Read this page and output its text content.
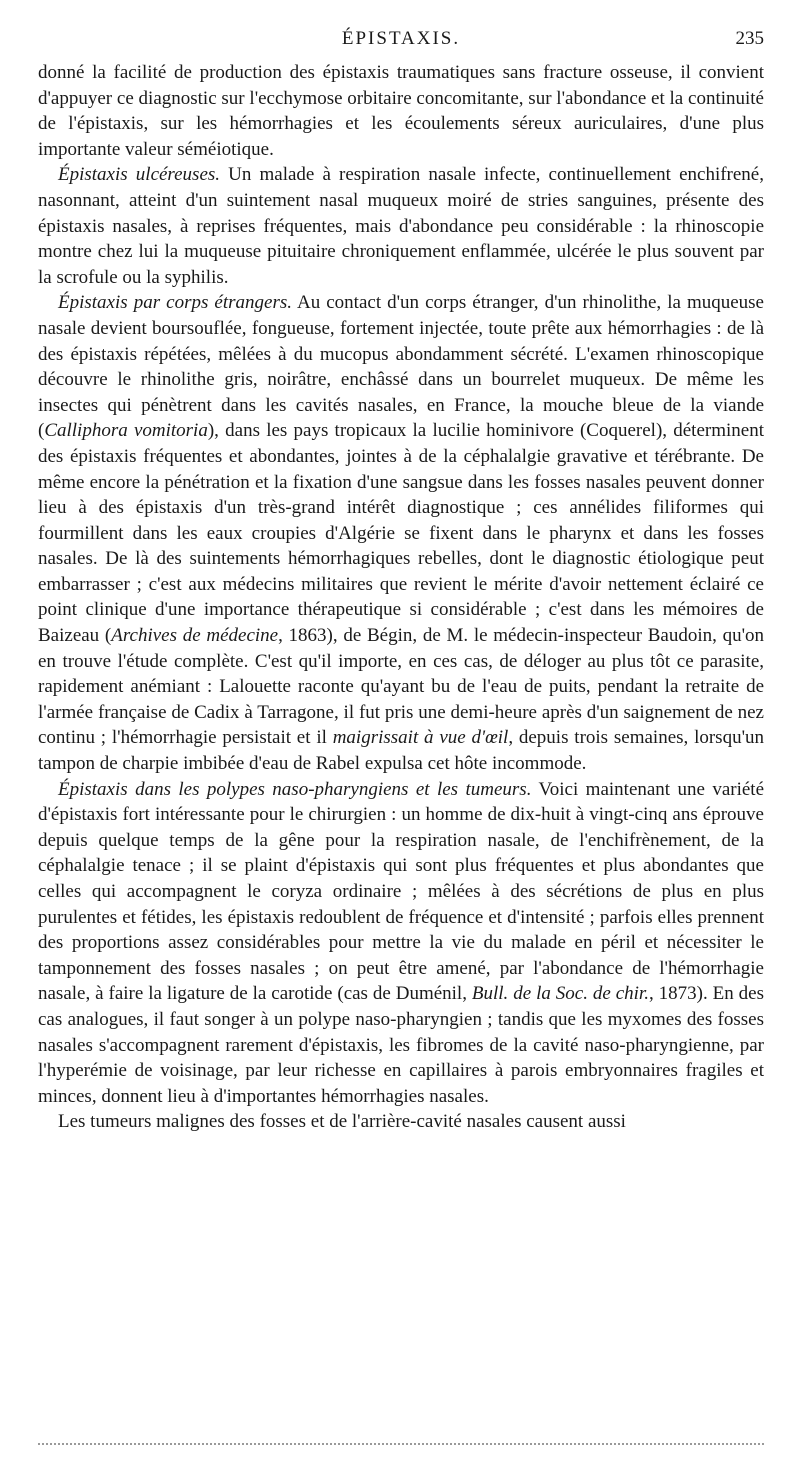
ÉPISTAXIS.	235

donné la facilité de production des épistaxis traumatiques sans fracture osseuse, il convient d'appuyer ce diagnostic sur l'ecchymose orbitaire concomitante, sur l'abondance et la continuité de l'épistaxis, sur les hémorrhagies et les écoulements séreux auriculaires, d'une plus importante valeur séméiotique.

Épistaxis ulcéreuses. Un malade à respiration nasale infecte, continuellement enchifrené, nasonnant, atteint d'un suintement nasal muqueux moiré de stries sanguines, présente des épistaxis nasales, à reprises fréquentes, mais d'abondance peu considérable : la rhinoscopie montre chez lui la muqueuse pituitaire chroniquement enflammée, ulcérée le plus souvent par la scrofule ou la syphilis.

Épistaxis par corps étrangers. Au contact d'un corps étranger, d'un rhinolithe, la muqueuse nasale devient boursouflée, fongueuse, fortement injectée, toute prête aux hémorrhagies : de là des épistaxis répétées, mêlées à du mucopus abondamment sécrété. L'examen rhinoscopique découvre le rhinolithe gris, noirâtre, enchâssé dans un bourrelet muqueux. De même les insectes qui pénètrent dans les cavités nasales, en France, la mouche bleue de la viande (Calliphora vomitoria), dans les pays tropicaux la lucilie hominivore (Coquerel), déterminent des épistaxis fréquentes et abondantes, jointes à de la céphalalgie gravative et térébrante. De même encore la pénétration et la fixation d'une sangsue dans les fosses nasales peuvent donner lieu à des épistaxis d'un très-grand intérêt diagnostique ; ces annélides filiformes qui fourmillent dans les eaux croupies d'Algérie se fixent dans le pharynx et dans les fosses nasales. De là des suintements hémorrhagiques rebelles, dont le diagnostic étiologique peut embarrasser ; c'est aux médecins militaires que revient le mérite d'avoir nettement éclairé ce point clinique d'une importance thérapeutique si considérable ; c'est dans les mémoires de Baizeau (Archives de médecine, 1863), de Bégin, de M. le médecin-inspecteur Baudoin, qu'on en trouve l'étude complète. C'est qu'il importe, en ces cas, de déloger au plus tôt ce parasite, rapidement anémiant : Lalouette raconte qu'ayant bu de l'eau de puits, pendant la retraite de l'armée française de Cadix à Tarragone, il fut pris une demi-heure après d'un saignement de nez continu ; l'hémorrhagie persistait et il maigrissait à vue d'œil, depuis trois semaines, lorsqu'un tampon de charpie imbibée d'eau de Rabel expulsa cet hôte incommode.

Épistaxis dans les polypes naso-pharyngiens et les tumeurs. Voici maintenant une variété d'épistaxis fort intéressante pour le chirurgien : un homme de dix-huit à vingt-cinq ans éprouve depuis quelque temps de la gêne pour la respiration nasale, de l'enchifrènement, de la céphalalgie tenace ; il se plaint d'épistaxis qui sont plus fréquentes et plus abondantes que celles qui accompagnent le coryza ordinaire ; mêlées à des sécrétions de plus en plus purulentes et fétides, les épistaxis redoublent de fréquence et d'intensité ; parfois elles prennent des proportions assez considérables pour mettre la vie du malade en péril et nécessiter le tamponnement des fosses nasales ; on peut être amené, par l'abondance de l'hémorrhagie nasale, à faire la ligature de la carotide (cas de Duménil, Bull. de la Soc. de chir., 1873). En des cas analogues, il faut songer à un polype naso-pharyngien ; tandis que les myxomes des fosses nasales s'accompagnent rarement d'épistaxis, les fibromes de la cavité naso-pharyngienne, par l'hyperémie de voisinage, par leur richesse en capillaires à parois embryonnaires fragiles et minces, donnent lieu à d'importantes hémorrhagies nasales.

Les tumeurs malignes des fosses et de l'arrière-cavité nasales causent aussi
